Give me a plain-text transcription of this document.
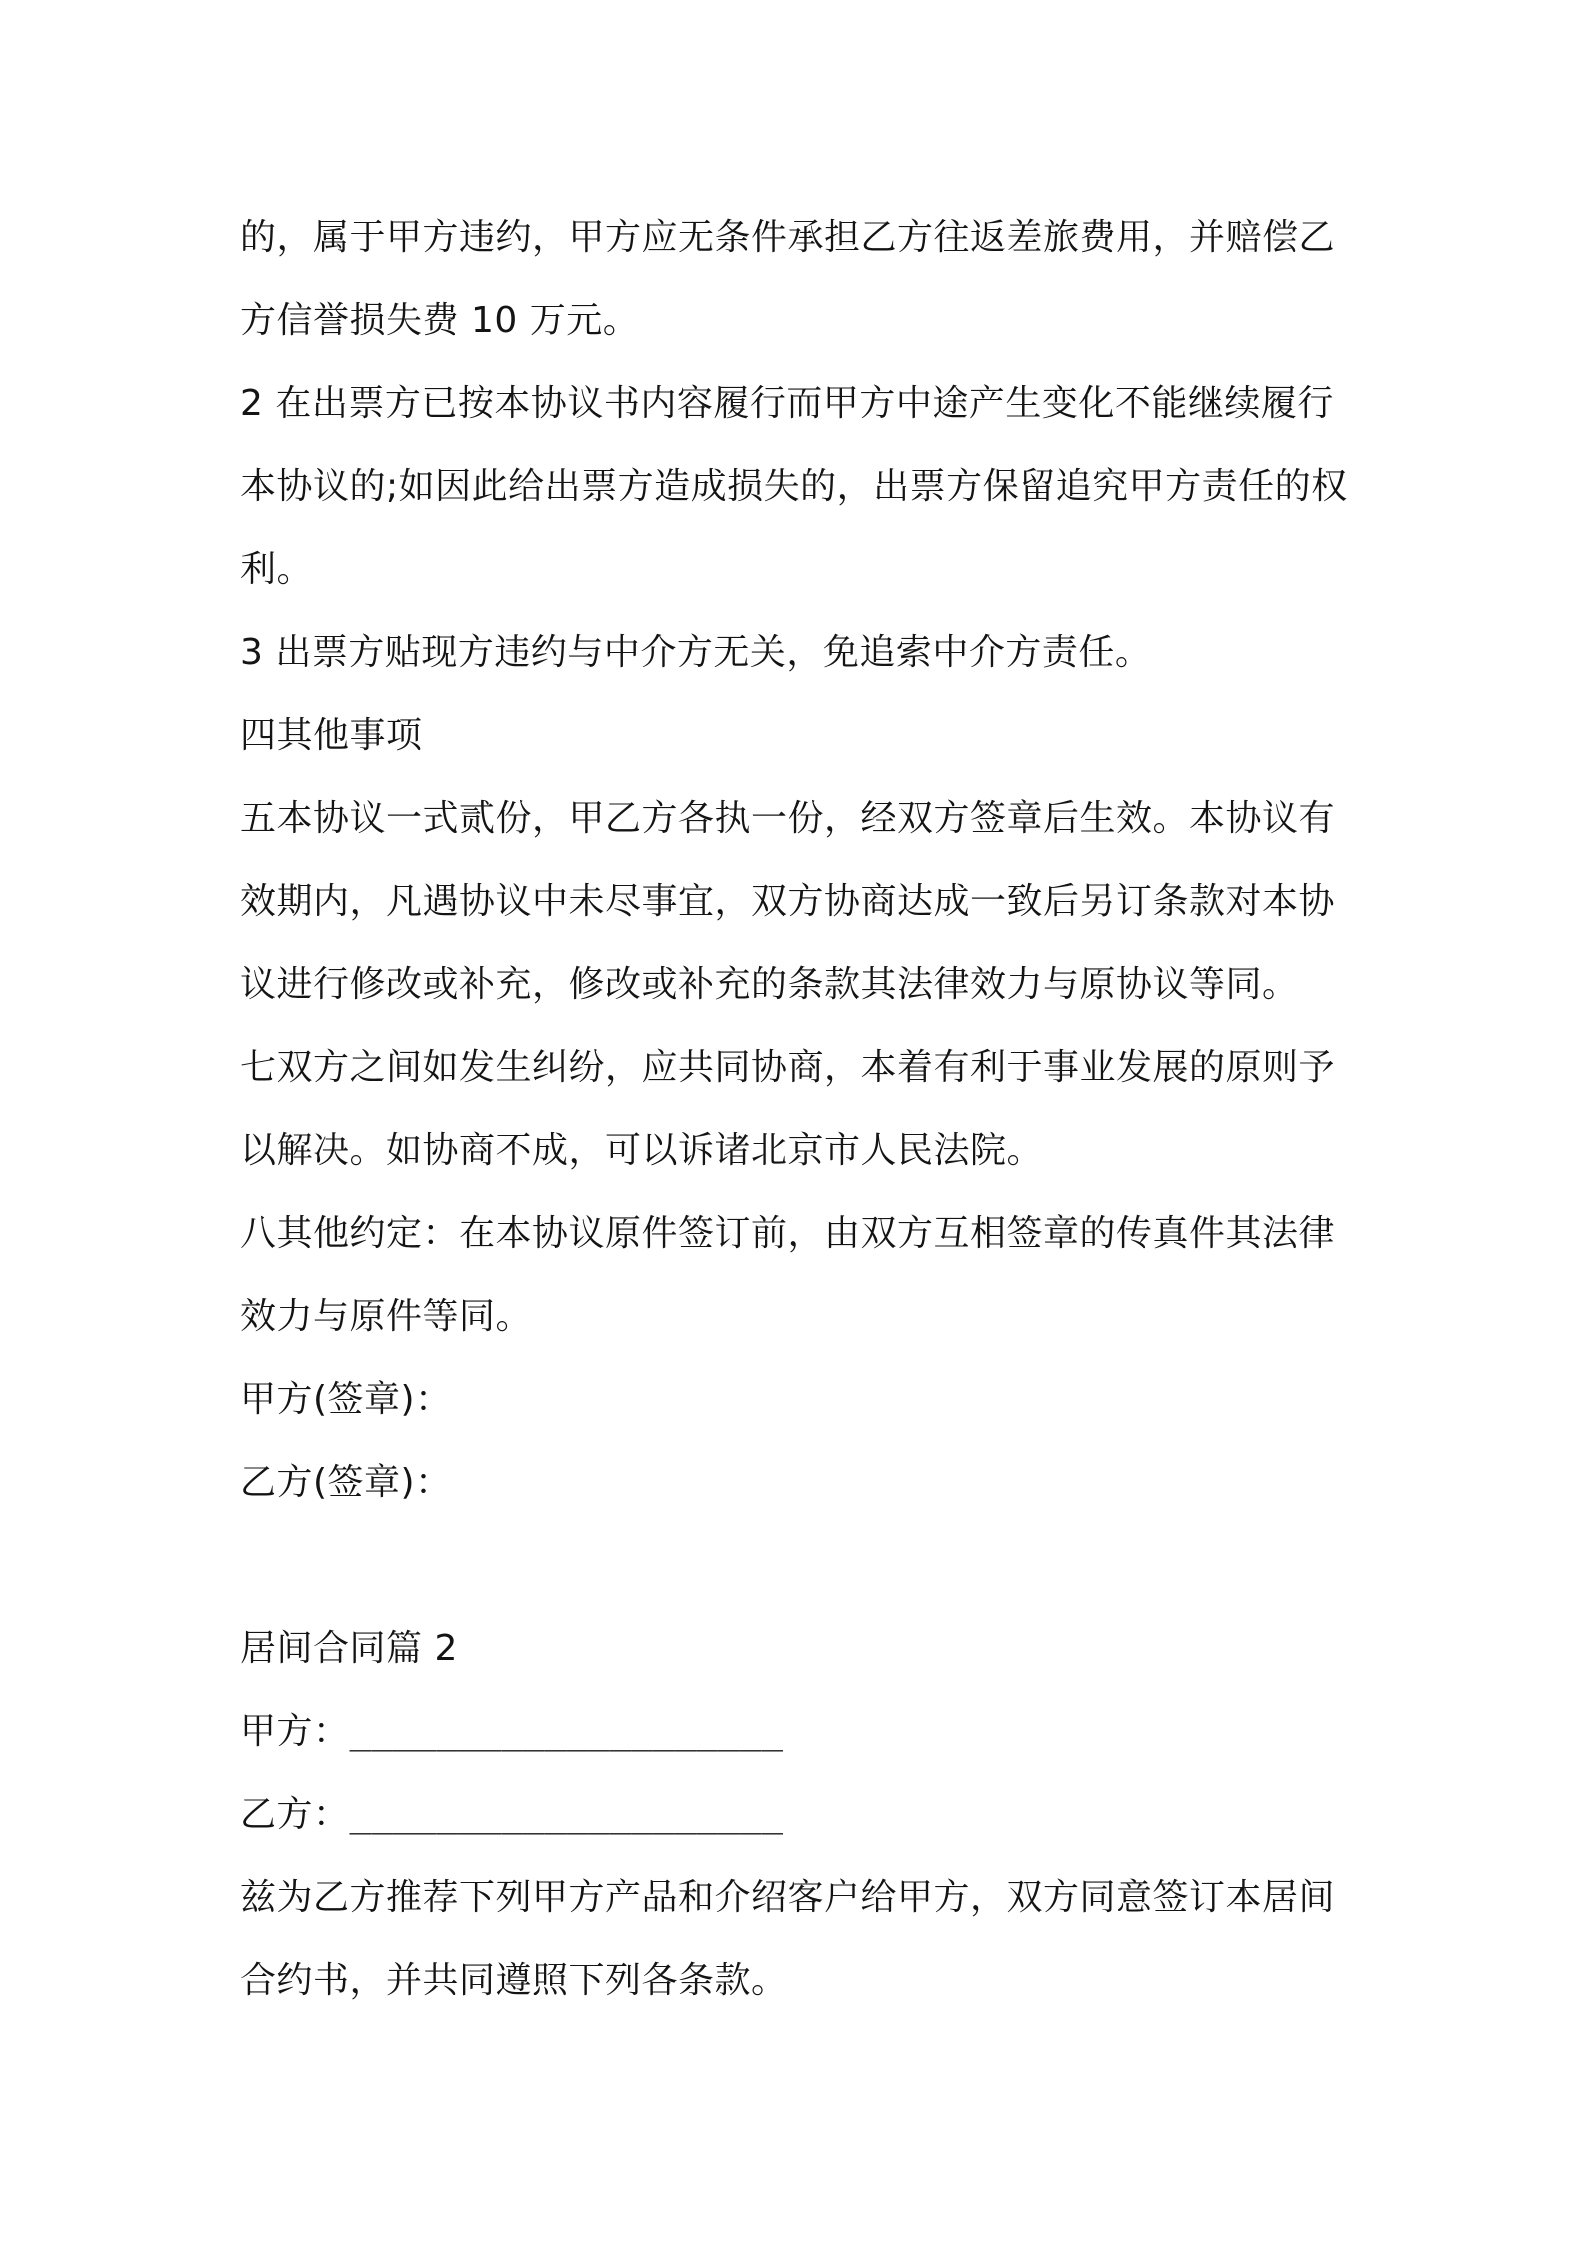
的，属于甲方违约，甲方应无条件承担乙方往返差旅费用，并赔偿乙方信誉损失费 10 万元。

2 在出票方已按本协议书内容履行而甲方中途产生变化不能继续履行本协议的;如因此给出票方造成损失的，出票方保留追究甲方责任的权利。

3 出票方贴现方违约与中介方无关，免追索中介方责任。

四其他事项

五本协议一式贰份，甲乙方各执一份，经双方签章后生效。本协议有效期内，凡遇协议中未尽事宜，双方协商达成一致后另订条款对本协议进行修改或补充，修改或补充的条款其法律效力与原协议等同。

七双方之间如发生纠纷，应共同协商，本着有利于事业发展的原则予以解决。如协商不成，可以诉诸北京市人民法院。

八其他约定：在本协议原件签订前，由双方互相签章的传真件其法律效力与原件等同。

甲方(签章)：

乙方(签章)：

居间合同篇 2

甲方：____________________

乙方：____________________

兹为乙方推荐下列甲方产品和介绍客户给甲方，双方同意签订本居间合约书，并共同遵照下列各条款。
